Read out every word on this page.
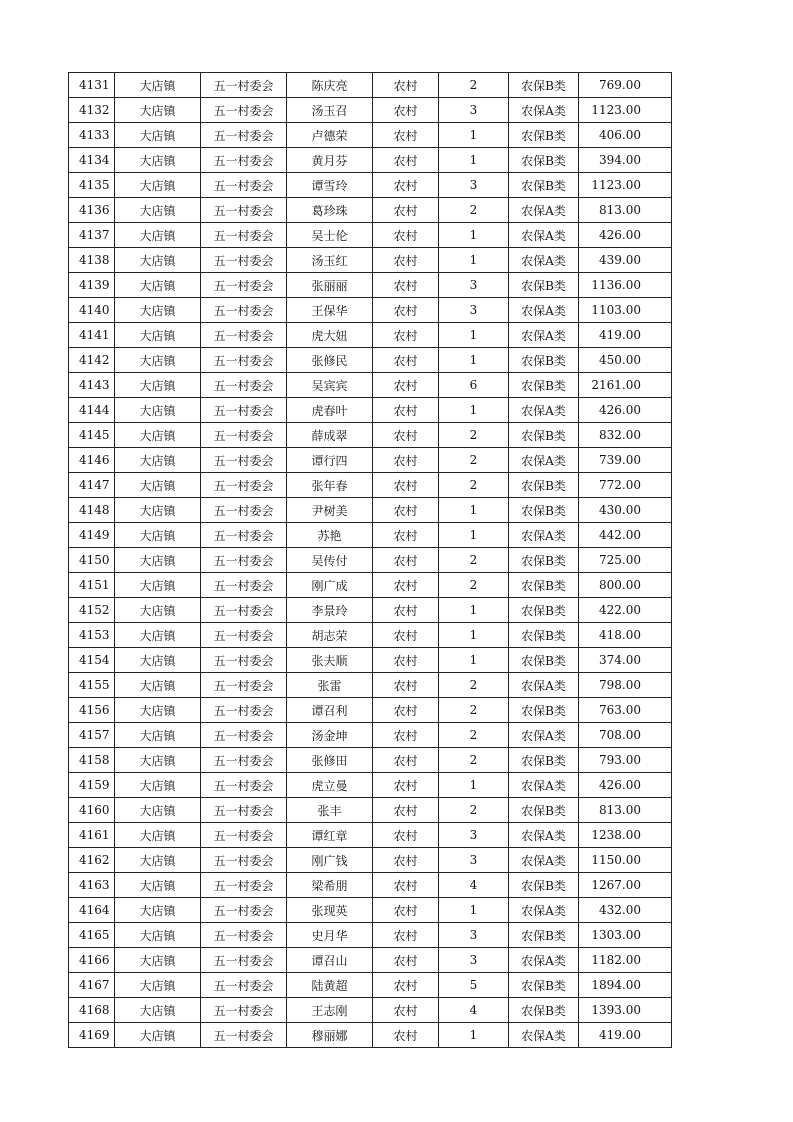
4131	大店镇	五一村委会	陈庆亮	农村	2	农保B类	769.00
4132	大店镇	五一村委会	汤玉召	农村	3	农保A类	1123.00
4133	大店镇	五一村委会	卢德荣	农村	1	农保B类	406.00
4134	大店镇	五一村委会	黄月芬	农村	1	农保B类	394.00
4135	大店镇	五一村委会	谭雪玲	农村	3	农保B类	1123.00
4136	大店镇	五一村委会	葛珍珠	农村	2	农保A类	813.00
4137	大店镇	五一村委会	吴士伦	农村	1	农保A类	426.00
4138	大店镇	五一村委会	汤玉红	农村	1	农保A类	439.00
4139	大店镇	五一村委会	张丽丽	农村	3	农保B类	1136.00
4140	大店镇	五一村委会	王保华	农村	3	农保A类	1103.00
4141	大店镇	五一村委会	虎大妞	农村	1	农保A类	419.00
4142	大店镇	五一村委会	张修民	农村	1	农保B类	450.00
4143	大店镇	五一村委会	吴宾宾	农村	6	农保B类	2161.00
4144	大店镇	五一村委会	虎春叶	农村	1	农保A类	426.00
4145	大店镇	五一村委会	薛成翠	农村	2	农保B类	832.00
4146	大店镇	五一村委会	谭行四	农村	2	农保A类	739.00
4147	大店镇	五一村委会	张年春	农村	2	农保B类	772.00
4148	大店镇	五一村委会	尹树美	农村	1	农保B类	430.00
4149	大店镇	五一村委会	苏艳	农村	1	农保A类	442.00
4150	大店镇	五一村委会	吴传付	农村	2	农保B类	725.00
4151	大店镇	五一村委会	刚广成	农村	2	农保B类	800.00
4152	大店镇	五一村委会	李景玲	农村	1	农保B类	422.00
4153	大店镇	五一村委会	胡志荣	农村	1	农保B类	418.00
4154	大店镇	五一村委会	张夫顺	农村	1	农保B类	374.00
4155	大店镇	五一村委会	张雷	农村	2	农保A类	798.00
4156	大店镇	五一村委会	谭召利	农村	2	农保B类	763.00
4157	大店镇	五一村委会	汤金坤	农村	2	农保A类	708.00
4158	大店镇	五一村委会	张修田	农村	2	农保B类	793.00
4159	大店镇	五一村委会	虎立曼	农村	1	农保A类	426.00
4160	大店镇	五一村委会	张丰	农村	2	农保B类	813.00
4161	大店镇	五一村委会	谭红章	农村	3	农保A类	1238.00
4162	大店镇	五一村委会	刚广钱	农村	3	农保A类	1150.00
4163	大店镇	五一村委会	梁希朋	农村	4	农保B类	1267.00
4164	大店镇	五一村委会	张现英	农村	1	农保A类	432.00
4165	大店镇	五一村委会	史月华	农村	3	农保B类	1303.00
4166	大店镇	五一村委会	谭召山	农村	3	农保A类	1182.00
4167	大店镇	五一村委会	陆黄超	农村	5	农保B类	1894.00
4168	大店镇	五一村委会	王志刚	农村	4	农保B类	1393.00
4169	大店镇	五一村委会	穆丽娜	农村	1	农保A类	419.00
